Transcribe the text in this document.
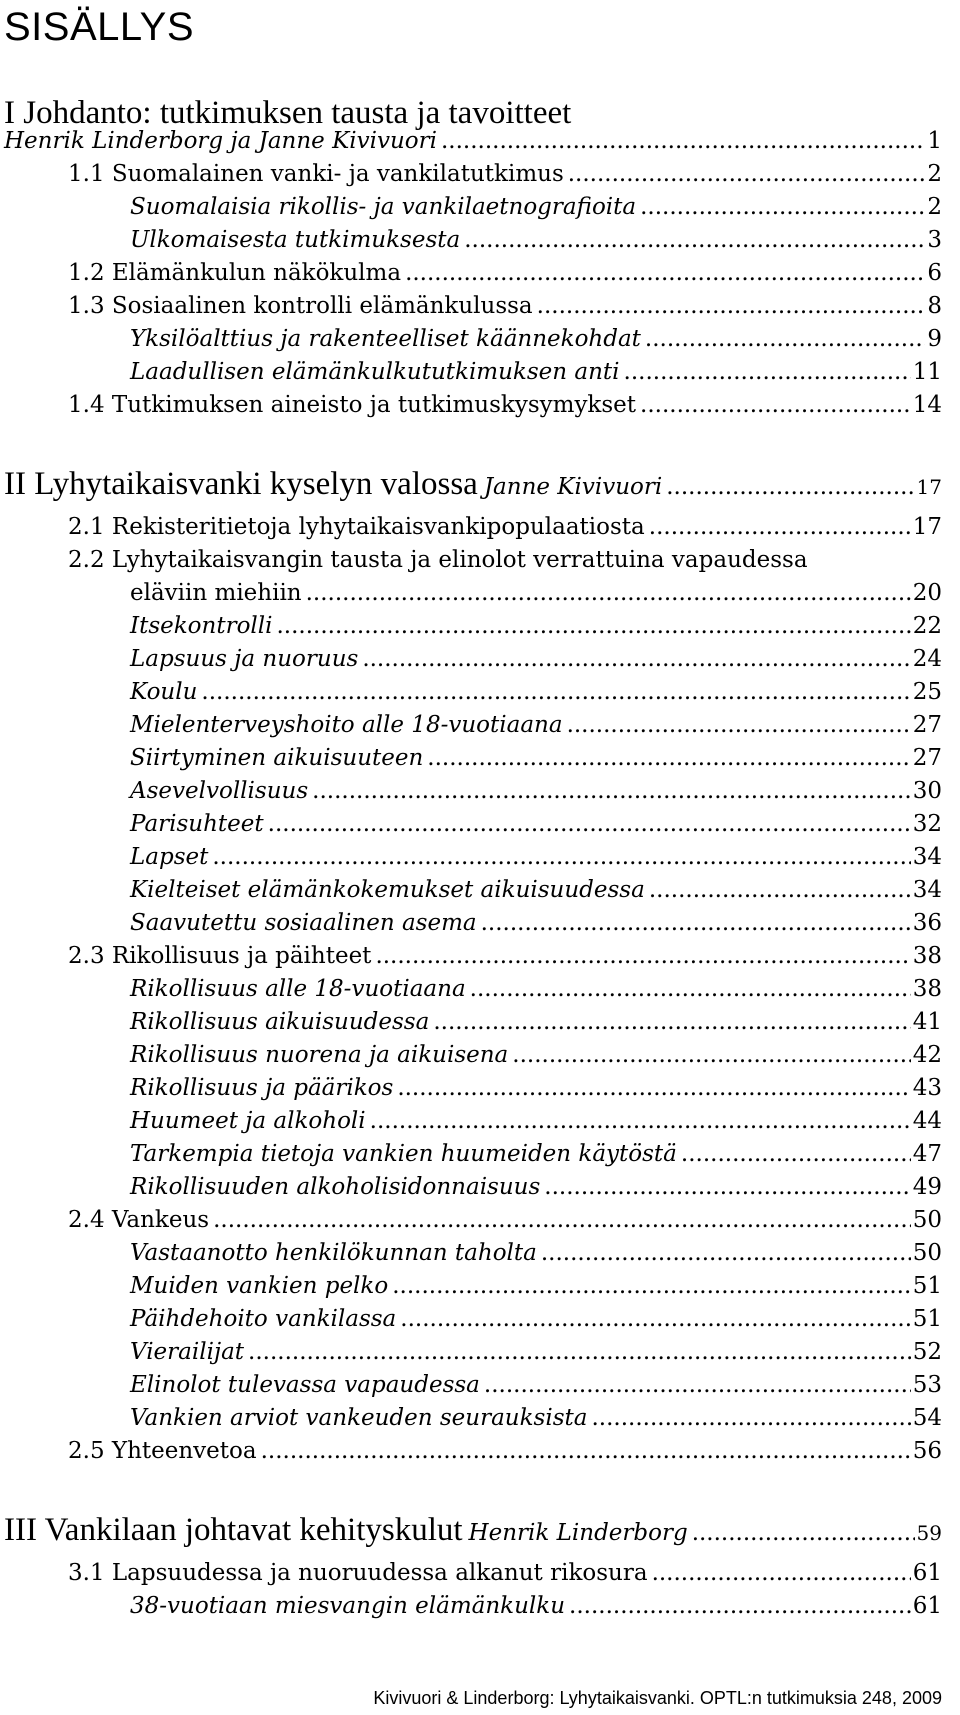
SISÄLLYS
I Johdanto: tutkimuksen tausta ja tavoitteet
Henrik Linderborg ja Janne Kivivuori .....	1
1.1 Suomalainen vanki- ja vankilatutkimus .....	2
Suomalaisia rikollis- ja vankilaetnografioita .....	2
Ulkomaisesta tutkimuksesta .....	3
1.2 Elämänkulun näkökulma .....	6
1.3 Sosiaalinen kontrolli elämänkulussa .....	8
Yksilöalttius ja rakenteelliset käännekohdat .....	9
Laadullisen elämänkulkututkimuksen anti .....	11
1.4 Tutkimuksen aineisto ja tutkimuskysymykset .....	14
II Lyhytaikaisvanki kyselyn valossa Janne Kivivuori .....	17
2.1 Rekisteritietoja lyhytaikaisvankipopulaatiosta .....	17
2.2 Lyhytaikaisvangin tausta ja elinolot verrattuina vapaudessa
eläviin miehiin .....	20
Itsekontrolli .....	22
Lapsuus ja nuoruus .....	24
Koulu .....	25
Mielenterveyshoito alle 18-vuotiaana .....	27
Siirtyminen aikuisuuteen .....	27
Asevelvollisuus .....	30
Parisuhteet .....	32
Lapset .....	34
Kielteiset elämänkokemukset aikuisuudessa .....	34
Saavutettu sosiaalinen asema .....	36
2.3 Rikollisuus ja päihteet .....	38
Rikollisuus alle 18-vuotiaana .....	38
Rikollisuus aikuisuudessa .....	41
Rikollisuus nuorena ja aikuisena .....	42
Rikollisuus ja päärikos .....	43
Huumeet ja alkoholi .....	44
Tarkempia tietoja vankien huumeiden käytöstä .....	47
Rikollisuuden alkoholisidonnaisuus .....	49
2.4 Vankeus .....	50
Vastaanotto henkilökunnan taholta .....	50
Muiden vankien pelko .....	51
Päihdehoito vankilassa .....	51
Vierailijat .....	52
Elinolot tulevassa vapaudessa .....	53
Vankien arviot vankeuden seurauksista .....	54
2.5 Yhteenvetoa .....	56
III Vankilaan johtavat kehityskulut Henrik Linderborg .....	59
3.1 Lapsuudessa ja nuoruudessa alkanut rikosura .....	61
38-vuotiaan miesvangin elämänkulku .....	61
Kivivuori & Linderborg: Lyhytaikaisvanki. OPTL:n tutkimuksia 248, 2009
